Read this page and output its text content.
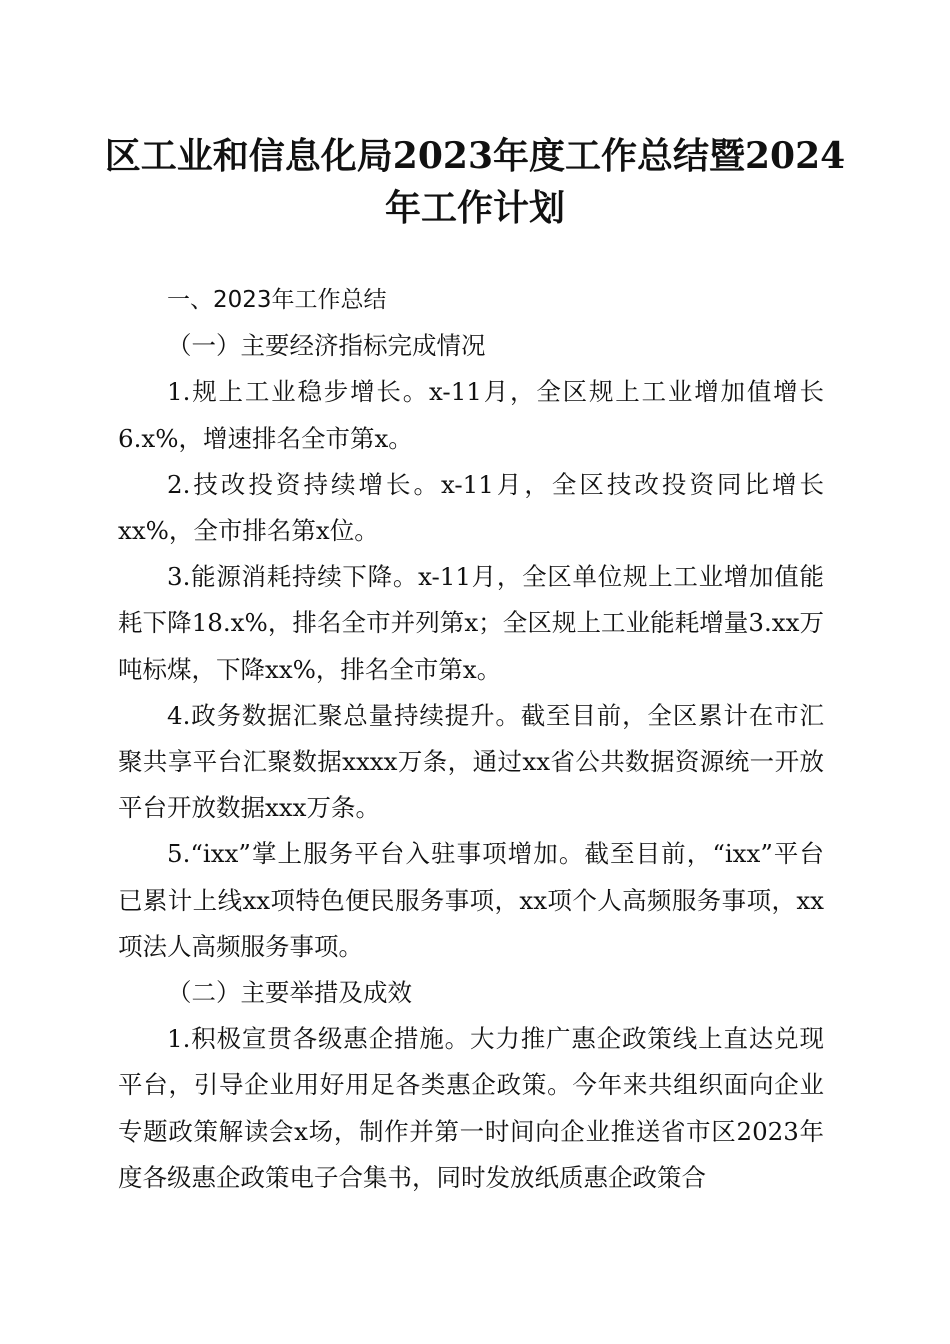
区工业和信息化局2023年度工作总结暨2024年工作计划

一、2023年工作总结

（一）主要经济指标完成情况

1.规上工业稳步增长。x-11月，全区规上工业增加值增长6.x%，增速排名全市第x。

2.技改投资持续增长。x-11月，全区技改投资同比增长xx%，全市排名第x位。

3.能源消耗持续下降。x-11月，全区单位规上工业增加值能耗下降18.x%，排名全市并列第x；全区规上工业能耗增量3.xx万吨标煤，下降xx%，排名全市第x。

4.政务数据汇聚总量持续提升。截至目前，全区累计在市汇聚共享平台汇聚数据xxxx万条，通过xx省公共数据资源统一开放平台开放数据xxx万条。

5.“ixx”掌上服务平台入驻事项增加。截至目前，“ixx”平台已累计上线xx项特色便民服务事项，xx项个人高频服务事项，xx项法人高频服务事项。

（二）主要举措及成效

1.积极宣贯各级惠企措施。大力推广惠企政策线上直达兑现平台，引导企业用好用足各类惠企政策。今年来共组织面向企业专题政策解读会x场，制作并第一时间向企业推送省市区2023年度各级惠企政策电子合集书，同时发放纸质惠企政策合
